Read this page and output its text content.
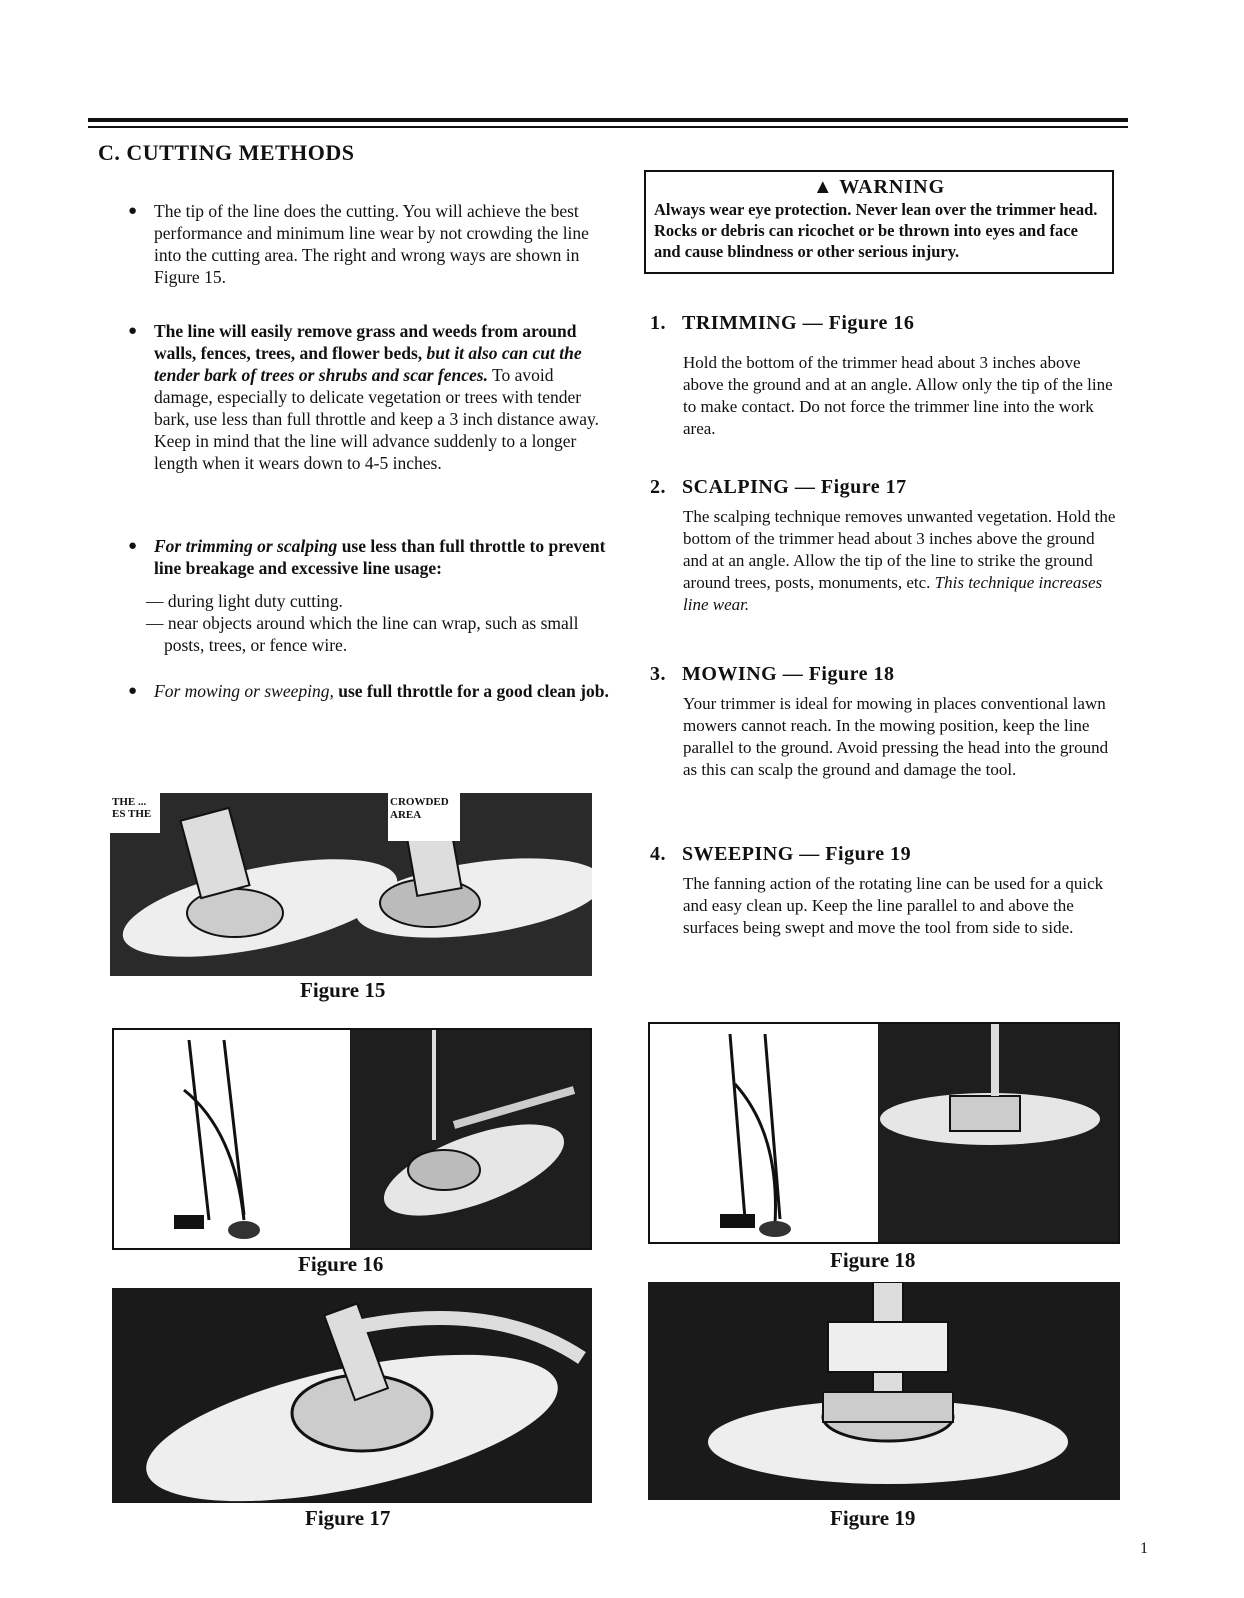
C. CUTTING METHODS
● The tip of the line does the cutting. You will achieve the best performance and minimum line wear by not crowding the line into the cutting area. The right and wrong ways are shown in Figure 15.
● The line will easily remove grass and weeds from around walls, fences, trees, and flower beds, but it also can cut the tender bark of trees or shrubs and scar fences. To avoid damage, especially to delicate vegetation or trees with tender bark, use less than full throttle and keep a 3 inch distance away. Keep in mind that the line will advance suddenly to a longer length when it wears down to 4-5 inches.
● For trimming or scalping use less than full throttle to prevent line breakage and excessive line usage:
— during light duty cutting.
— near objects around which the line can wrap, such as small posts, trees, or fence wire.
● For mowing or sweeping, use full throttle for a good clean job.
▲ WARNING
Always wear eye protection. Never lean over the trimmer head. Rocks or debris can ricochet or be thrown into eyes and face and cause blindness or other serious injury.
1. TRIMMING — Figure 16
Hold the bottom of the trimmer head about 3 inches above above the ground and at an angle. Allow only the tip of the line to make contact. Do not force the trimmer line into the work area.
2. SCALPING — Figure 17
The scalping technique removes unwanted vegetation. Hold the bottom of the trimmer head about 3 inches above the ground and at an angle. Allow the tip of the line to strike the ground around trees, posts, monuments, etc. This technique increases line wear.
3. MOWING — Figure 18
Your trimmer is ideal for mowing in places conventional lawn mowers cannot reach. In the mowing position, keep the line parallel to the ground. Avoid pressing the head into the ground as this can scalp the ground and damage the tool.
4. SWEEPING — Figure 19
The fanning action of the rotating line can be used for a quick and easy clean up. Keep the line parallel to and above the surfaces being swept and move the tool from side to side.
THE ... ES THE
CROWDED AREA
Figure 15
Figure 16
Figure 17
Figure 18
Figure 19
1
